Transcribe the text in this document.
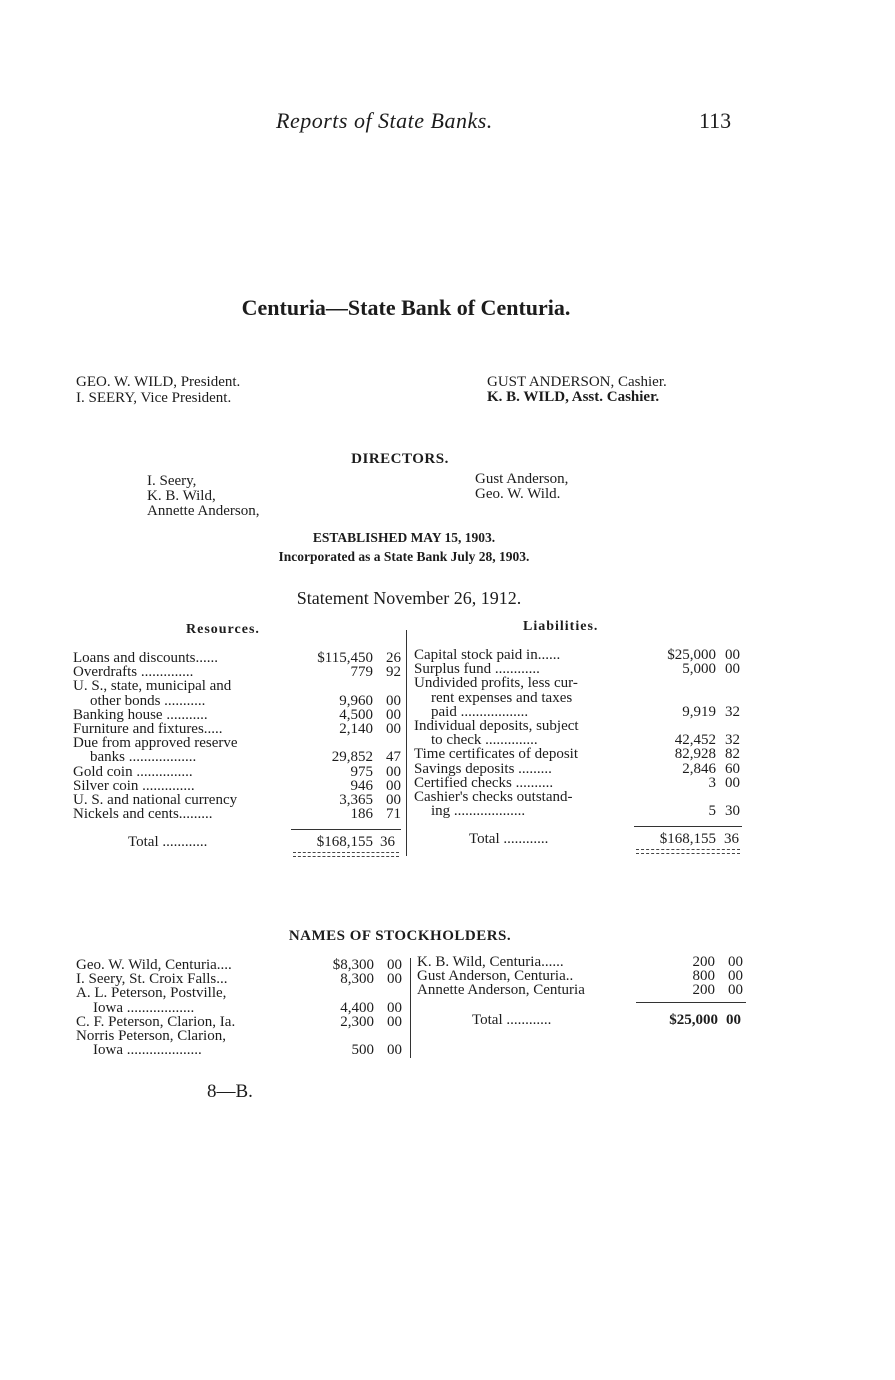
Reports of State Banks.	113
Centuria—State Bank of Centuria.
GEO. W. WILD, President.
I. SEERY, Vice President.
GUST ANDERSON, Cashier.
K. B. WILD, Asst. Cashier.
DIRECTORS.
I. Seery,
K. B. Wild,
Annette Anderson,
Gust Anderson,
Geo. W. Wild.
ESTABLISHED MAY 15, 1903.
Incorporated as a State Bank July 28, 1903.
Statement November 26, 1912.
Resources.	Liabilities.
Loans and discounts......	$115,450 26
Overdrafts ..............	779 92
U. S., state, municipal and
other bonds ...........	9,960 00
Banking house ...........	4,500 00
Furniture and fixtures.....	2,140 00
Due from approved reserve
banks ..................	29,852 47
Gold coin ...............	975 00
Silver coin ..............	946 00
U. S. and national currency	3,365 00
Nickels and cents.........	186 71
Total ............	$168,155 36
Capital stock paid in......	$25,000 00
Surplus fund ............	5,000 00
Undivided profits, less cur-
rent expenses and taxes
paid ..................	9,919 32
Individual deposits, subject
to check ..............	42,452 32
Time certificates of deposit	82,928 82
Savings deposits .........	2,846 60
Certified checks ..........	3 00
Cashier's checks outstand-
ing ...................	5 30
Total ............	$168,155 36
NAMES OF STOCKHOLDERS.
Geo. W. Wild, Centuria....	$8,300 00
I. Seery, St. Croix Falls...	8,300 00
A. L. Peterson, Postville,
Iowa ..................	4,400 00
C. F. Peterson, Clarion, Ia.	2,300 00
Norris Peterson, Clarion,
Iowa ....................	500 00
K. B. Wild, Centuria......	200 00
Gust Anderson, Centuria..	800 00
Annette Anderson, Centuria	200 00
Total ............	$25,000 00
8—B.
